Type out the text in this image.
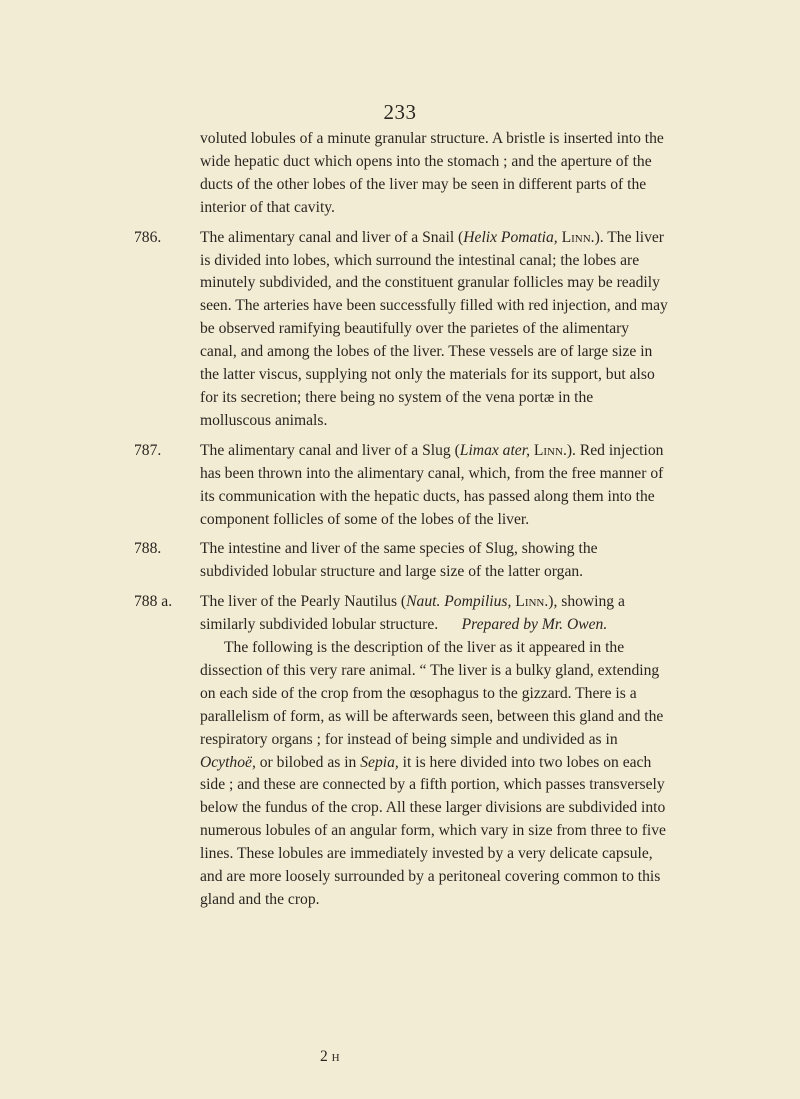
233

voluted lobules of a minute granular structure. A bristle is inserted into the wide hepatic duct which opens into the stomach ; and the aperture of the ducts of the other lobes of the liver may be seen in different parts of the interior of that cavity.

786.	The alimentary canal and liver of a Snail (Helix Pomatia, Linn.). The liver is divided into lobes, which surround the intestinal canal; the lobes are minutely subdivided, and the constituent granular follicles may be readily seen. The arteries have been successfully filled with red injection, and may be observed ramifying beautifully over the parietes of the alimentary canal, and among the lobes of the liver. These vessels are of large size in the latter viscus, supplying not only the materials for its support, but also for its secretion; there being no system of the vena portæ in the molluscous animals.

787.	The alimentary canal and liver of a Slug (Limax ater, Linn.). Red injection has been thrown into the alimentary canal, which, from the free manner of its communication with the hepatic ducts, has passed along them into the component follicles of some of the lobes of the liver.

788.	The intestine and liver of the same species of Slug, showing the subdivided lobular structure and large size of the latter organ.

788 a.	The liver of the Pearly Nautilus (Naut. Pompilius, Linn.), showing a similarly subdivided lobular structure. Prepared by Mr. Owen.

The following is the description of the liver as it appeared in the dissection of this very rare animal. “ The liver is a bulky gland, extending on each side of the crop from the œsophagus to the gizzard. There is a parallelism of form, as will be afterwards seen, between this gland and the respiratory organs ; for instead of being simple and undivided as in Ocythoë, or bilobed as in Sepia, it is here divided into two lobes on each side ; and these are connected by a fifth portion, which passes transversely below the fundus of the crop. All these larger divisions are subdivided into numerous lobules of an angular form, which vary in size from three to five lines. These lobules are immediately invested by a very delicate capsule, and are more loosely surrounded by a peritoneal covering common to this gland and the crop.

2 h
